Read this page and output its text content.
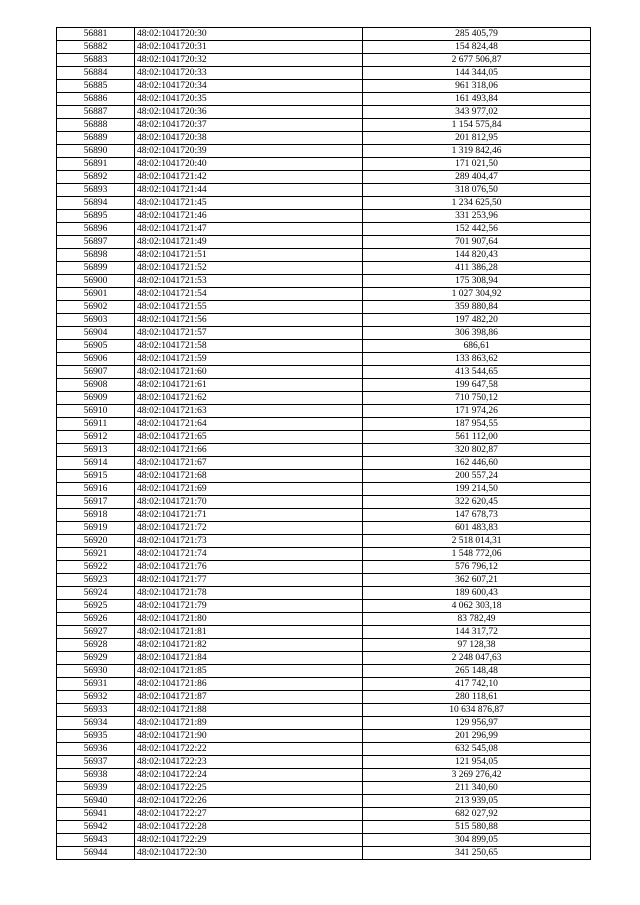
56881	48:02:1041720:30	285 405,79
56882	48:02:1041720:31	154 824,48
56883	48:02:1041720:32	2 677 506,87
56884	48:02:1041720:33	144 344,05
56885	48:02:1041720:34	961 318,06
56886	48:02:1041720:35	161 493,84
56887	48:02:1041720:36	343 977,02
56888	48:02:1041720:37	1 154 575,84
56889	48:02:1041720:38	201 812,95
56890	48:02:1041720:39	1 319 842,46
56891	48:02:1041720:40	171 021,50
56892	48:02:1041721:42	289 404,47
56893	48:02:1041721:44	318 076,50
56894	48:02:1041721:45	1 234 625,50
56895	48:02:1041721:46	331 253,96
56896	48:02:1041721:47	152 442,56
56897	48:02:1041721:49	701 907,64
56898	48:02:1041721:51	144 820,43
56899	48:02:1041721:52	411 386,28
56900	48:02:1041721:53	175 308,94
56901	48:02:1041721:54	1 027 304,92
56902	48:02:1041721:55	359 880,84
56903	48:02:1041721:56	197 482,20
56904	48:02:1041721:57	306 398,86
56905	48:02:1041721:58	686,61
56906	48:02:1041721:59	133 863,62
56907	48:02:1041721:60	413 544,65
56908	48:02:1041721:61	199 647,58
56909	48:02:1041721:62	710 750,12
56910	48:02:1041721:63	171 974,26
56911	48:02:1041721:64	187 954,55
56912	48:02:1041721:65	561 112,00
56913	48:02:1041721:66	320 802,87
56914	48:02:1041721:67	162 446,60
56915	48:02:1041721:68	200 557,24
56916	48:02:1041721:69	199 214,50
56917	48:02:1041721:70	322 620,45
56918	48:02:1041721:71	147 678,73
56919	48:02:1041721:72	601 483,83
56920	48:02:1041721:73	2 518 014,31
56921	48:02:1041721:74	1 548 772,06
56922	48:02:1041721:76	576 796,12
56923	48:02:1041721:77	362 607,21
56924	48:02:1041721:78	189 600,43
56925	48:02:1041721:79	4 062 303,18
56926	48:02:1041721:80	83 782,49
56927	48:02:1041721:81	144 317,72
56928	48:02:1041721:82	97 128,38
56929	48:02:1041721:84	2 248 047,63
56930	48:02:1041721:85	265 148,48
56931	48:02:1041721:86	417 742,10
56932	48:02:1041721:87	280 118,61
56933	48:02:1041721:88	10 634 876,87
56934	48:02:1041721:89	129 956,97
56935	48:02:1041721:90	201 296,99
56936	48:02:1041722:22	632 545,08
56937	48:02:1041722:23	121 954,05
56938	48:02:1041722:24	3 269 276,42
56939	48:02:1041722:25	211 340,60
56940	48:02:1041722:26	213 939,05
56941	48:02:1041722:27	682 027,92
56942	48:02:1041722:28	515 580,88
56943	48:02:1041722:29	304 899,05
56944	48:02:1041722:30	341 250,65
